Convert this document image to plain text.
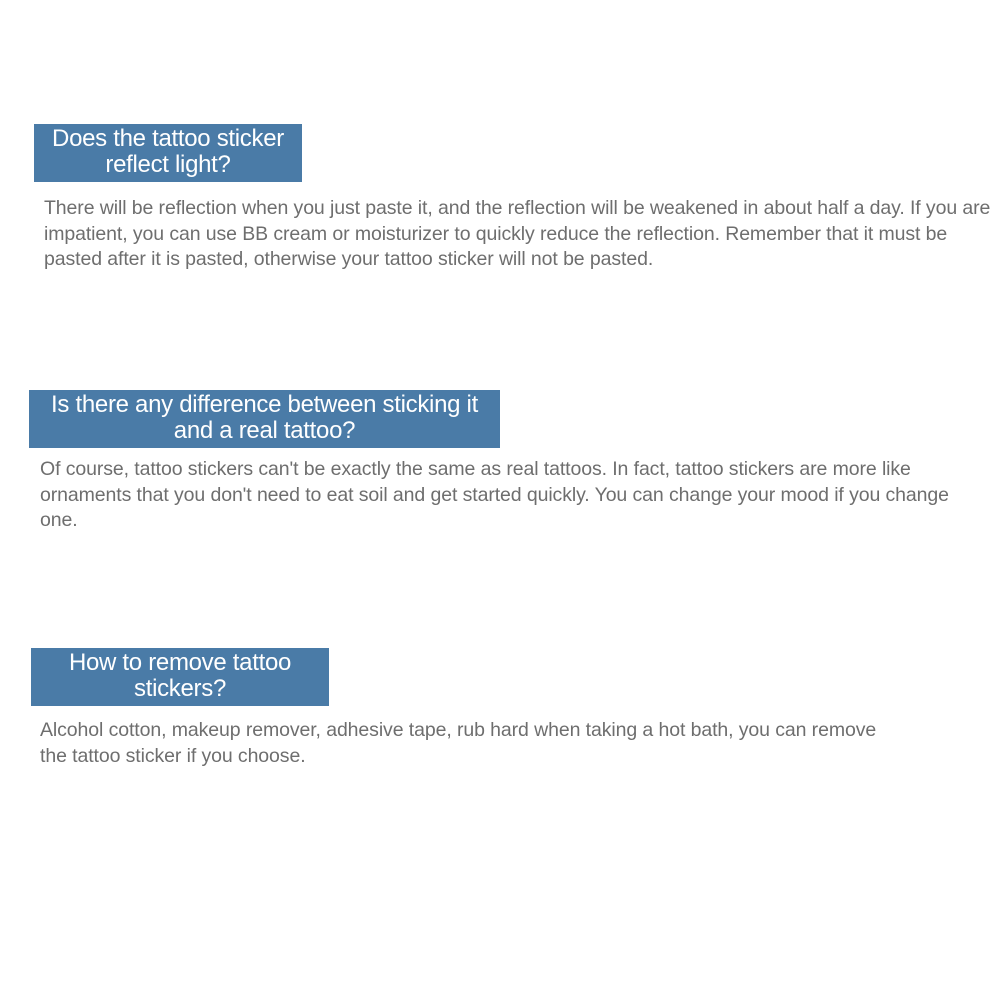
Does the tattoo sticker reflect light?

There will be reflection when you just paste it, and the reflection will be weakened in about half a day. If you are impatient, you can use BB cream or moisturizer to quickly reduce the reflection. Remember that it must be pasted after it is pasted, otherwise your tattoo sticker will not be pasted.

Is there any difference between sticking it and a real tattoo?

Of course, tattoo stickers can't be exactly the same as real tattoos. In fact, tattoo stickers are more like ornaments that you don't need to eat soil and get started quickly. You can change your mood if you change one.

How to remove tattoo stickers?

Alcohol cotton, makeup remover, adhesive tape, rub hard when taking a hot bath, you can remove the tattoo sticker if you choose.
